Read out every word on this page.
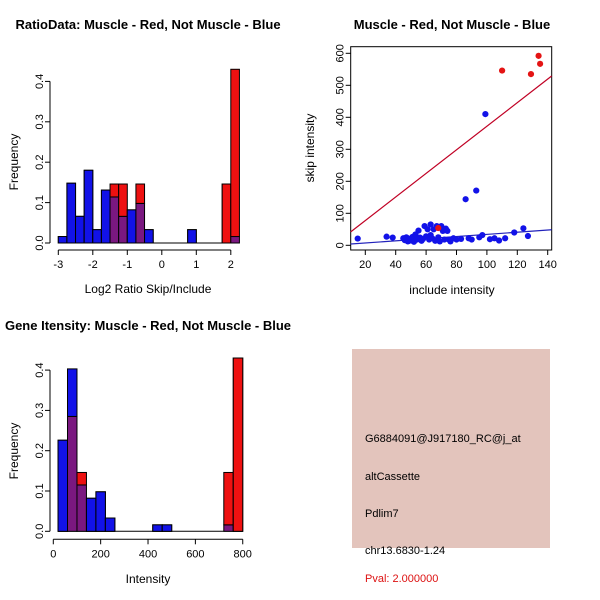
RatioData: Muscle - Red, Not Muscle - Blue
0.0
0.1
0.2
0.3
0.4
-3 -2 -1 0	1	2
Log2 Ratio Skip/Include
Frequency
Muscle - Red, Not Muscle - Blue
20 40 60 80 100 120 140
0
100
200
300
400
500
600
include intensity
skip intensity
Gene Itensity: Muscle - Red, Not Muscle - Blue
0.0
0.1
0.2
0.3
0.4
0	200	400	600	800
Intensity
Frequency	G6884091@J917180_RC@j_at
altCassette
Pdlim7
chr13.6830-1.24
Pval: 2.000000
